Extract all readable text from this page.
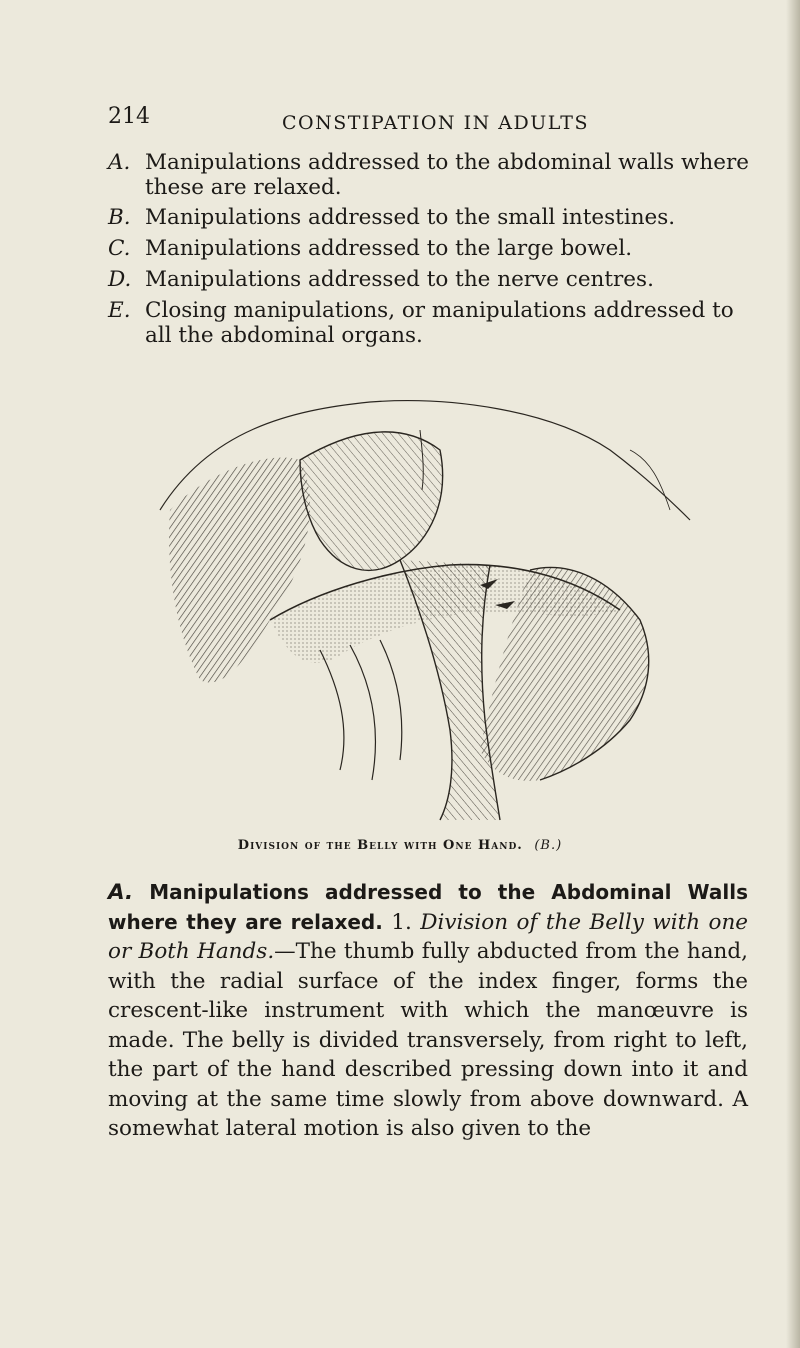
214	CONSTIPATION IN ADULTS
A. Manipulations addressed to the abdominal walls where these are relaxed.
B. Manipulations addressed to the small intestines.
C. Manipulations addressed to the large bowel.
D. Manipulations addressed to the nerve centres.
E. Closing manipulations, or manipulations addressed to all the abdominal organs.
Division of the Belly with One Hand. (B.)

A. Manipulations addressed to the Abdominal Walls where they are relaxed. 1. Division of the Belly with one or Both Hands.—The thumb fully abducted from the hand, with the radial surface of the index finger, forms the crescent-like instrument with which the manœuvre is made. The belly is divided transversely, from right to left, the part of the hand described pressing down into it and moving at the same time slowly from above downward. A somewhat lateral motion is also given to the
